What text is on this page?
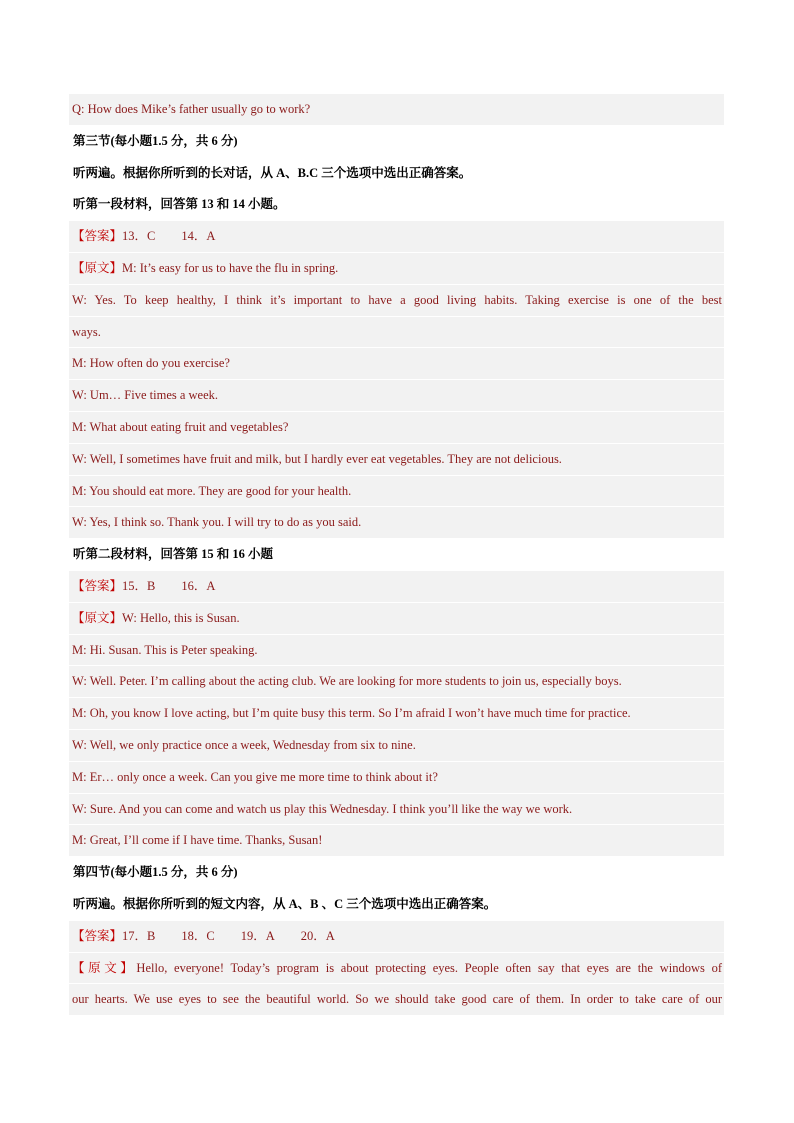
Q: How does Mike’s father usually go to work?
第三节(每小题1.5 分，共 6 分)
听两遍。根据你所听到的长对话，从 A、B.C 三个选项中选出正确答案。
听第一段材料，回答第 13 和 14 小题。
【答案】13．C 14．A
【原文】M: It’s easy for us to have the flu in spring.
W: Yes. To keep healthy, I think it’s important to have a good living habits. Taking exercise is one of the best
ways.
M: How often do you exercise?
W: Um… Five times a week.
M: What about eating fruit and vegetables?
W: Well, I sometimes have fruit and milk, but I hardly ever eat vegetables. They are not delicious.
M: You should eat more. They are good for your health.
W: Yes, I think so. Thank you. I will try to do as you said.
听第二段材料，回答第 15 和 16 小题
【答案】15．B 16．A
【原文】W: Hello, this is Susan.
M: Hi. Susan. This is Peter speaking.
W: Well. Peter. I’m calling about the acting club. We are looking for more students to join us, especially boys.
M: Oh, you know I love acting, but I’m quite busy this term. So I’m afraid I won’t have much time for practice.
W: Well, we only practice once a week, Wednesday from six to nine.
M: Er… only once a week. Can you give me more time to think about it?
W: Sure. And you can come and watch us play this Wednesday. I think you’ll like the way we work.
M: Great, I’ll come if I have time. Thanks, Susan!
第四节(每小题1.5 分，共 6 分)
听两遍。根据你所听到的短文内容，从 A、B 、C 三个选项中选出正确答案。
【答案】17．B 18．C 19．A 20．A
【原文】Hello, everyone! Today’s program is about protecting eyes. People often say that eyes are the windows of
our hearts. We use eyes to see the beautiful world. So we should take good care of them. In order to take care of our
